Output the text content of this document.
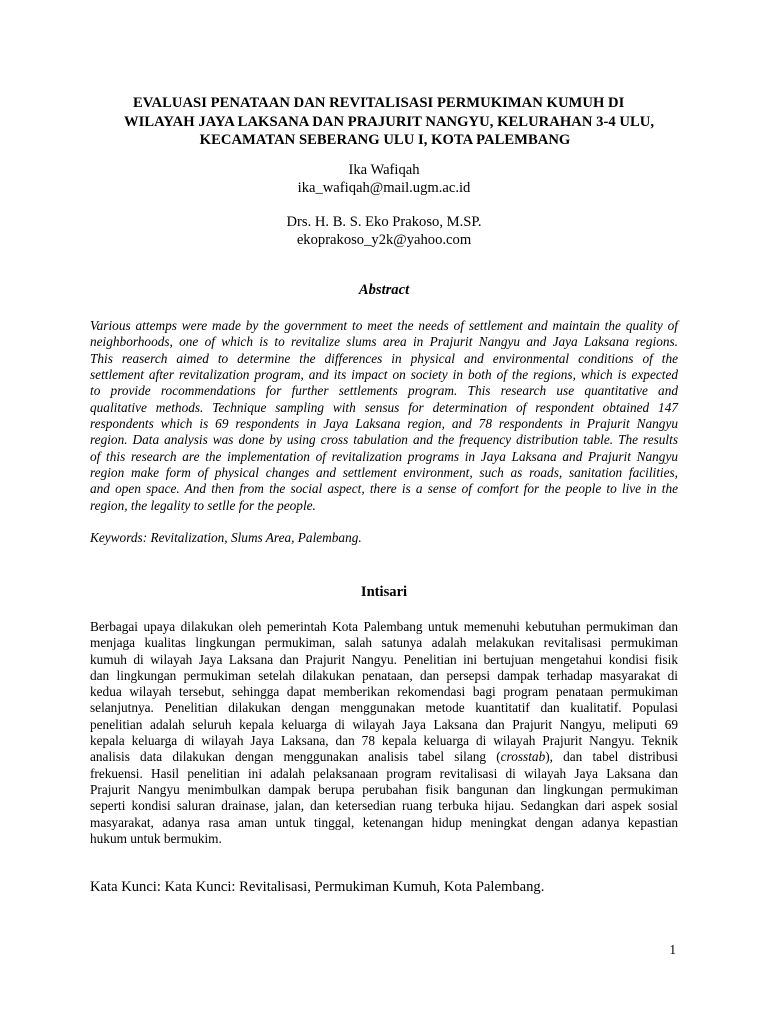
EVALUASI PENATAAN DAN REVITALISASI PERMUKIMAN KUMUH DI
WILAYAH JAYA LAKSANA DAN PRAJURIT NANGYU, KELURAHAN 3-4 ULU,
KECAMATAN SEBERANG ULU I, KOTA PALEMBANG
Ika Wafiqah
ika_wafiqah@mail.ugm.ac.id
Drs. H. B. S. Eko Prakoso, M.SP.
ekoprakoso_y2k@yahoo.com
Abstract
Various attemps were made by the government to meet the needs of settlement and maintain the quality of
neighborhoods, one of which is to revitalize slums area in Prajurit Nangyu and Jaya Laksana regions.
This reaserch aimed to determine the differences in physical and environmental conditions of the
settlement after revitalization program, and its impact on society in both of the regions, which is expected
to provide rocommendations for further settlements program. This research use quantitative and
qualitative methods. Technique sampling with sensus for determination of respondent obtained 147
respondents which is 69 respondents in Jaya Laksana region, and 78 respondents in Prajurit Nangyu
region. Data analysis was done by using cross tabulation and the frequency distribution table. The results
of this research are the implementation of revitalization programs in Jaya Laksana and Prajurit Nangyu
region make form of physical changes and settlement environment, such as roads, sanitation facilities,
and open space. And then from the social aspect, there is a sense of comfort for the people to live in the
region, the legality to setlle for the people.
Keywords: Revitalization, Slums Area, Palembang.
Intisari
Berbagai upaya dilakukan oleh pemerintah Kota Palembang untuk memenuhi kebutuhan permukiman dan
menjaga kualitas lingkungan permukiman, salah satunya adalah melakukan revitalisasi permukiman
kumuh di wilayah Jaya Laksana dan Prajurit Nangyu. Penelitian ini bertujuan mengetahui kondisi fisik
dan lingkungan permukiman setelah dilakukan penataan, dan persepsi dampak terhadap masyarakat di
kedua wilayah tersebut, sehingga dapat memberikan rekomendasi bagi program penataan permukiman
selanjutnya. Penelitian dilakukan dengan menggunakan metode kuantitatif dan kualitatif. Populasi
penelitian adalah seluruh kepala keluarga di wilayah Jaya Laksana dan Prajurit Nangyu, meliputi 69
kepala keluarga di wilayah Jaya Laksana, dan 78 kepala keluarga di wilayah Prajurit Nangyu. Teknik
analisis data dilakukan dengan menggunakan analisis tabel silang (crosstab), dan tabel distribusi
frekuensi. Hasil penelitian ini adalah pelaksanaan program revitalisasi di wilayah Jaya Laksana dan
Prajurit Nangyu menimbulkan dampak berupa perubahan fisik bangunan dan lingkungan permukiman
seperti kondisi saluran drainase, jalan, dan ketersedian ruang terbuka hijau. Sedangkan dari aspek sosial
masyarakat, adanya rasa aman untuk tinggal, ketenangan hidup meningkat dengan adanya kepastian
hukum untuk bermukim.
Kata Kunci: Kata Kunci: Revitalisasi, Permukiman Kumuh, Kota Palembang.
1
